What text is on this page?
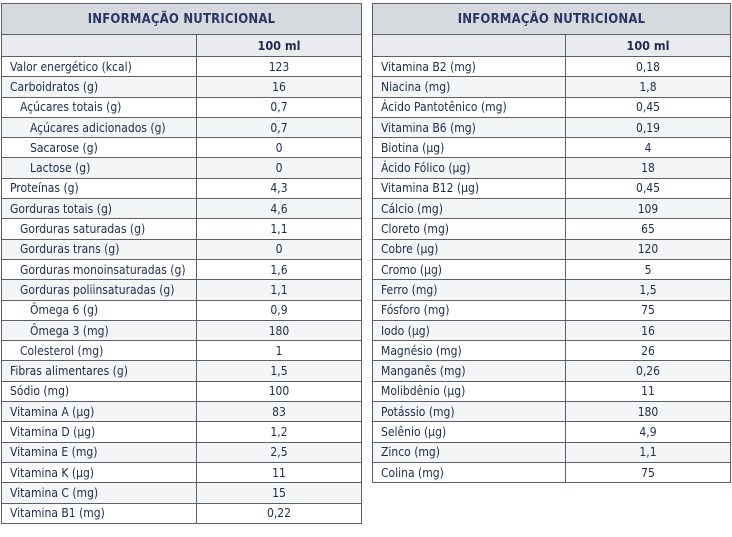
INFORMAÇÃO NUTRICIONAL	
	100 ml
Valor energético (kcal)	123
Carboidratos (g)	16
Açúcares totais (g)	0,7
Açúcares adicionados (g)	0,7
Sacarose (g)	0
Lactose (g)	0
Proteínas (g)	4,3
Gorduras totais (g)	4,6
Gorduras saturadas (g)	1,1
Gorduras trans (g)	0
Gorduras monoinsaturadas (g)	1,6
Gorduras poliinsaturadas (g)	1,1
Ômega 6 (g)	0,9
Ômega 3 (mg)	180
Colesterol (mg)	1
Fibras alimentares (g)	1,5
Sódio (mg)	100
Vitamina A (µg)	83
Vitamina D (µg)	1,2
Vitamina E (mg)	2,5
Vitamina K (µg)	11
Vitamina C (mg)	15
Vitamina B1 (mg)	0,22
INFORMAÇÃO NUTRICIONAL	
	100 ml
Vitamina B2 (mg)	0,18
Niacina (mg)	1,8
Ácido Pantotênico (mg)	0,45
Vitamina B6 (mg)	0,19
Biotina (µg)	4
Ácido Fólico (µg)	18
Vitamina B12 (µg)	0,45
Cálcio (mg)	109
Cloreto (mg)	65
Cobre (µg)	120
Cromo (µg)	5
Ferro (mg)	1,5
Fósforo (mg)	75
Iodo (µg)	16
Magnésio (mg)	26
Manganês (mg)	0,26
Molibdênio (µg)	11
Potássio (mg)	180
Selênio (µg)	4,9
Zinco (mg)	1,1
Colina (mg)	75
